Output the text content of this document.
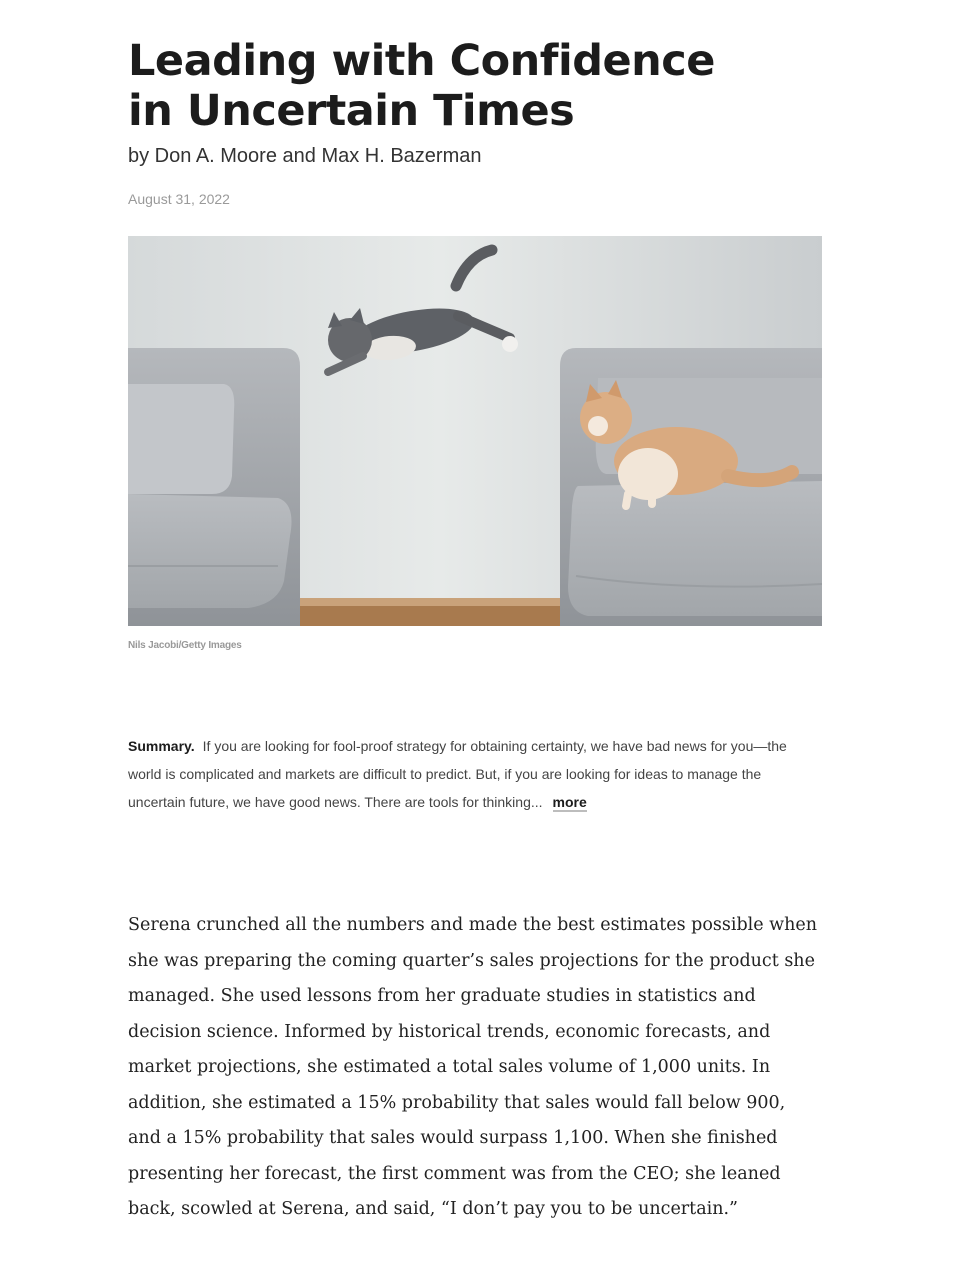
Leading with Confidence
in Uncertain Times
by Don A. Moore and Max H. Bazerman
August 31, 2022
Nils Jacobi/Getty Images
Summary. If you are looking for fool-proof strategy for obtaining certainty, we have bad news for you—the world is complicated and markets are difficult to predict. But, if you are looking for ideas to manage the uncertain future, we have good news. There are tools for thinking... more

Serena crunched all the numbers and made the best estimates possible when she was preparing the coming quarter’s sales projections for the product she managed. She used lessons from her graduate studies in statistics and decision science. Informed by historical trends, economic forecasts, and market projections, she estimated a total sales volume of 1,000 units. In addition, she estimated a 15% probability that sales would fall below 900, and a 15% probability that sales would surpass 1,100. When she finished presenting her forecast, the first comment was from the CEO; she leaned back, scowled at Serena, and said, “I don’t pay you to be uncertain.”
